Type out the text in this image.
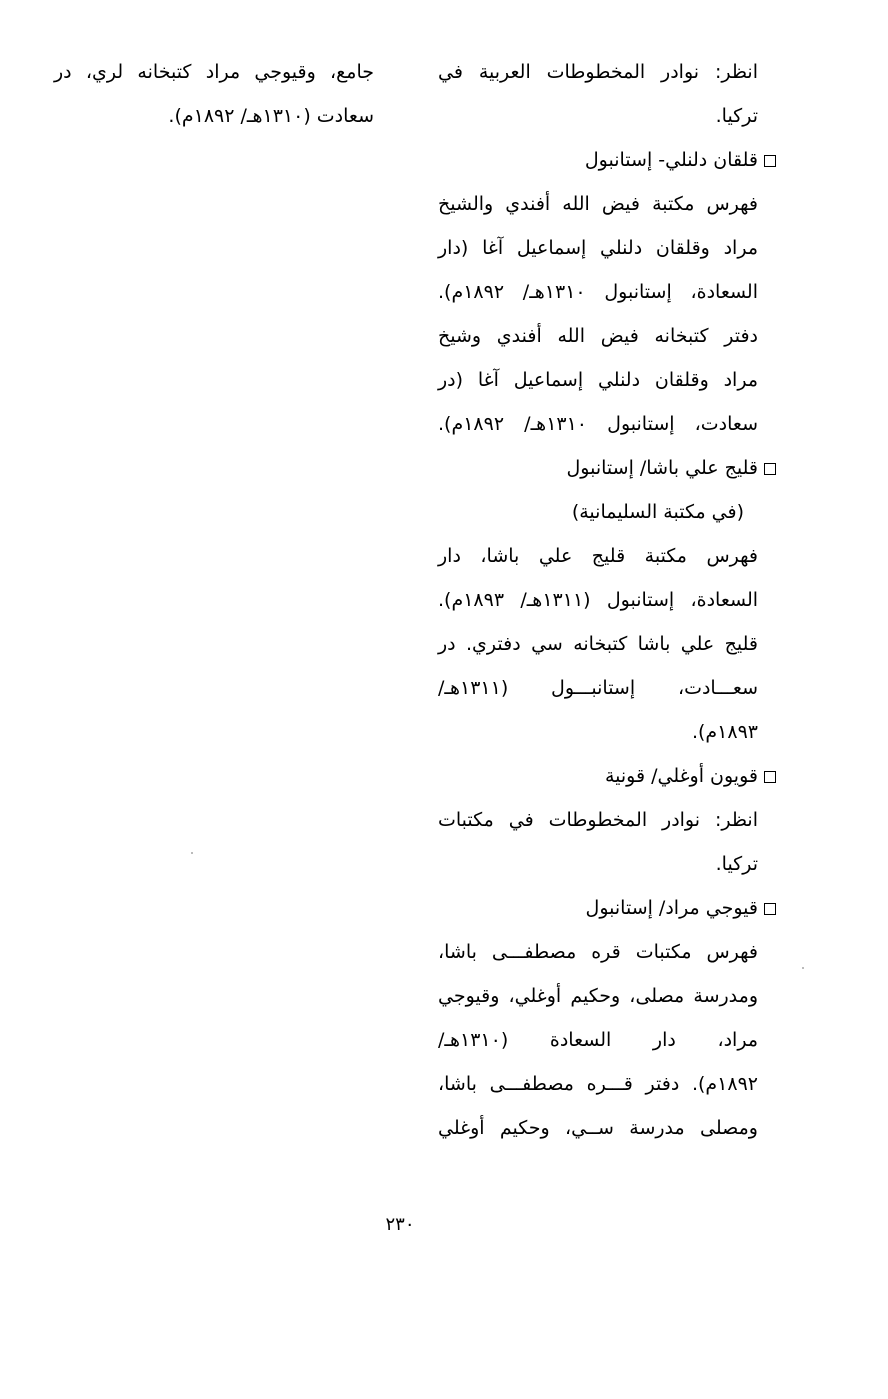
انظر: نوادر المخطوطات العربية في
تركيا.
قلقان دلنلي- إستانبول
فهرس مكتبة فيض الله أفندي والشيخ
مراد وقلقان دلنلي إسماعيل آغا (دار
السعادة، إستانبول ١٣١٠هـ/ ١٨٩٢م).
دفتر كتبخانه فيض الله أفندي وشيخ
مراد وقلقان دلنلي إسماعيل آغا (در
سعادت، إستانبول ١٣١٠هـ/ ١٨٩٢م).
قليج علي باشا/ إستانبول
(في مكتبة السليمانية)
فهرس مكتبة قليج علي باشا، دار
السعادة، إستانبول (١٣١١هـ/ ١٨٩٣م).
قليج علي باشا كتبخانه سي دفتري. در
سعـــادت، إستانبـــول (١٣١١هـ/
١٨٩٣م).
قويون أوغلي/ قونية
انظر: نوادر المخطوطات في مكتبات
تركيا.
قيوجي مراد/ إستانبول
فهرس مكتبات قره مصطفـــى باشا،
ومدرسة مصلى، وحكيم أوغلي، وقيوجي
مراد، دار السعادة (١٣١٠هـ/
١٨٩٢م). دفتر قـــره مصطفـــى باشا،
ومصلى مدرسة ســي، وحكيم أوغلي
جامع، وقيوجي مراد كتبخانه لري، در
سعادت (١٣١٠هـ/ ١٨٩٢م).
٢٣٠
